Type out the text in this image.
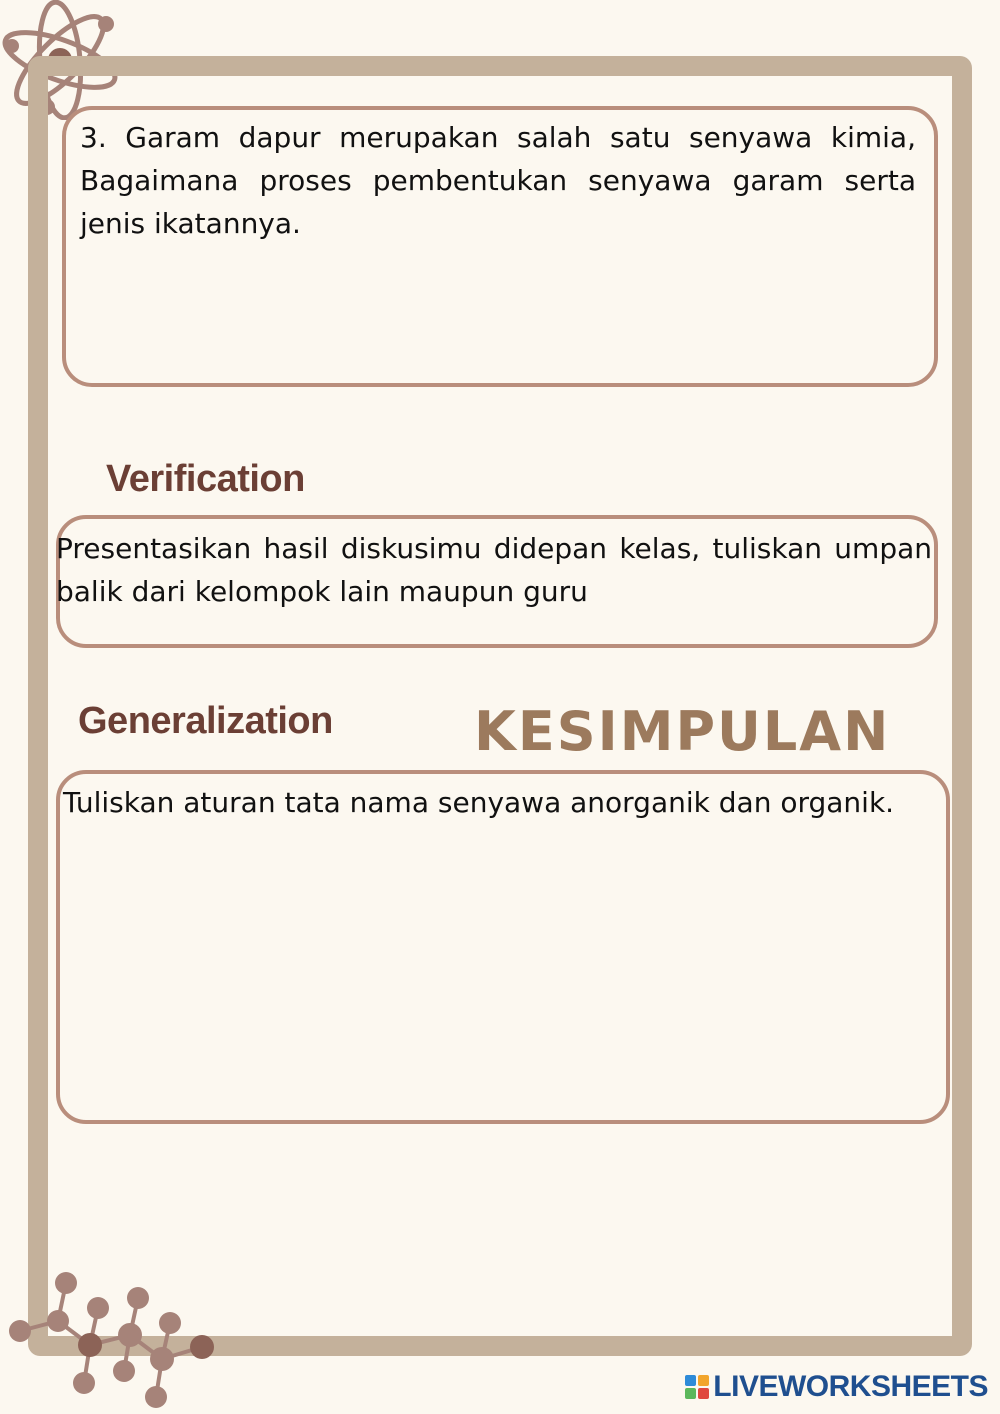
3. Garam dapur merupakan salah satu senyawa kimia, Bagaimana proses pembentukan senyawa garam serta jenis ikatannya.

Verification

Presentasikan hasil diskusimu didepan kelas, tuliskan umpan balik dari kelompok lain maupun guru

Generalization	KESIMPULAN

Tuliskan aturan tata nama senyawa anorganik dan organik.

LIVEWORKSHEETS
